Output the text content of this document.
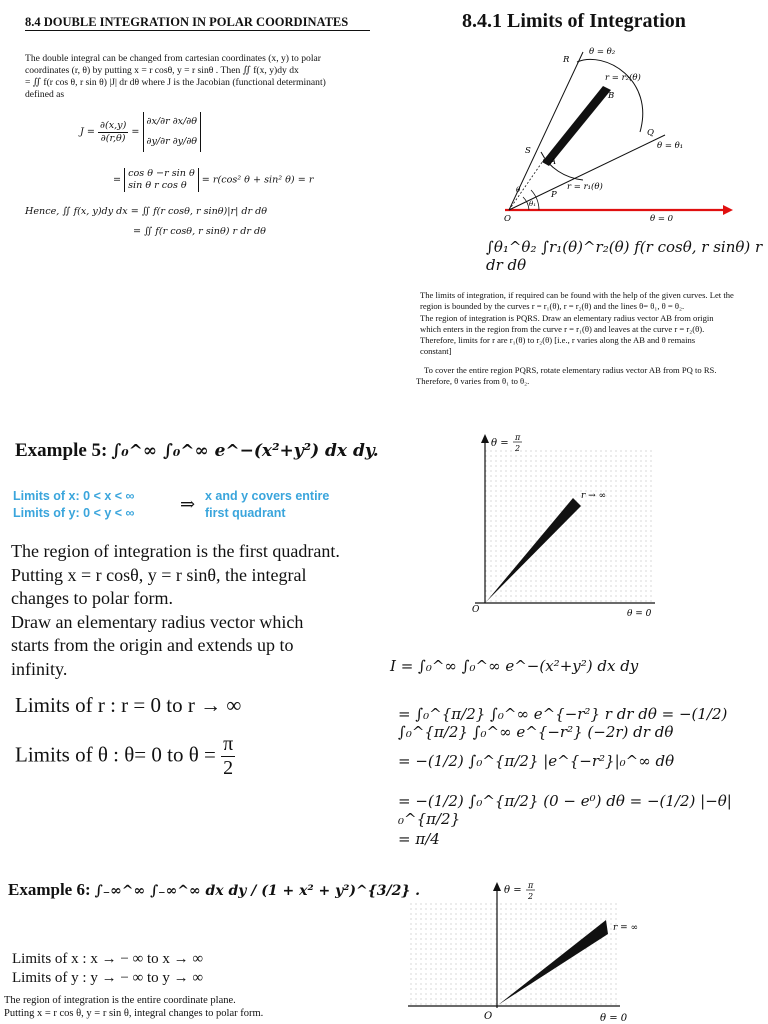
8.4 DOUBLE INTEGRATION IN POLAR COORDINATES
The double integral can be changed from cartesian coordinates (x, y) to polar
coordinates (r, θ) by putting x = r cosθ, y = r sinθ . Then ∬ f(x, y)dy dx
= ∬ f(r cos θ, r sin θ) |J| dr dθ where J is the Jacobian (functional determinant)
defined as
$J = \frac{\partial(x,y)}{\partial(r,\theta)}$ =
∂x/∂r ∂x/∂θ
∂y/∂r ∂y/∂θ
=
cos θ −r sin θ
sin θ r cos θ	= r(cos² θ + sin² θ) = r
Hence, ∬ f(x, y)dy dx = ∬ f(r cosθ, r sinθ)|r| dr dθ
= ∬ f(r cosθ, r sinθ) r dr dθ
8.4.1 Limits of Integration
θ = θ₂
R
r = r₂(θ)
B
Q
θ = θ₁
S
A
r = r₁(θ)
P
θ
θ₁
O	θ = 0
∫θ₁^θ₂ ∫r₁(θ)^r₂(θ) f(r cosθ, r sinθ) r dr dθ
The limits of integration, if required can be found with the help of the given curves. Let the
region is bounded by the curves r = r₁(θ), r = r₂(θ) and the lines θ= θ₁, θ = θ₂.
The region of integration is PQRS. Draw an elementary radius vector AB from origin
which enters in the region from the curve r = r₁(θ) and leaves at the curve r = r₂(θ).
Therefore, limits for r are r₁(θ) to r₂(θ) [i.e., r varies along the AB and θ remains
constant]
To cover the entire region PQRS, rotate elementary radius vector AB from PQ to RS.
Therefore, θ varies from θ₁ to θ₂.
Example 5: ∫₀^∞ ∫₀^∞ e^−(x²+y²) dx dy.
Limits of x: 0 < x < ∞
Limits of y: 0 < y < ∞	⇒ x and y covers entire
first quadrant
The region of integration is the first quadrant.
Putting x = r cosθ, y = r sinθ, the integral
changes to polar form.
Draw an elementary radius vector which
starts from the origin and extends up to
infinity.
Limits of r : r = 0 to r → ∞
Limits of θ : θ= 0 to $\theta = \frac{\pi}{2}$
θ =
π
2
r → ∞
O	θ = 0
I = ∫₀^∞ ∫₀^∞ e^−(x²+y²) dx dy
= ∫₀^{π/2} ∫₀^∞ e^{−r²} r dr dθ = −(1/2) ∫₀^{π/2} ∫₀^∞ e^{−r²} (−2r) dr dθ
= −(1/2) ∫₀^{π/2} |e^{−r²}|₀^∞ dθ
= −(1/2) ∫₀^{π/2} (0 − e⁰) dθ = −(1/2) |−θ|₀^{π/2}
= π/4
Example 6: ∫₋∞^∞ ∫₋∞^∞ dx dy / (1 + x² + y²)^{3/2} .
Limits of x : x → − ∞ to x → ∞
Limits of y : y → − ∞ to y → ∞
The region of integration is the entire coordinate plane.
Putting x = r cos θ, y = r sin θ, integral changes to polar form.
θ = π
2
r = ∞
O	θ = 0
